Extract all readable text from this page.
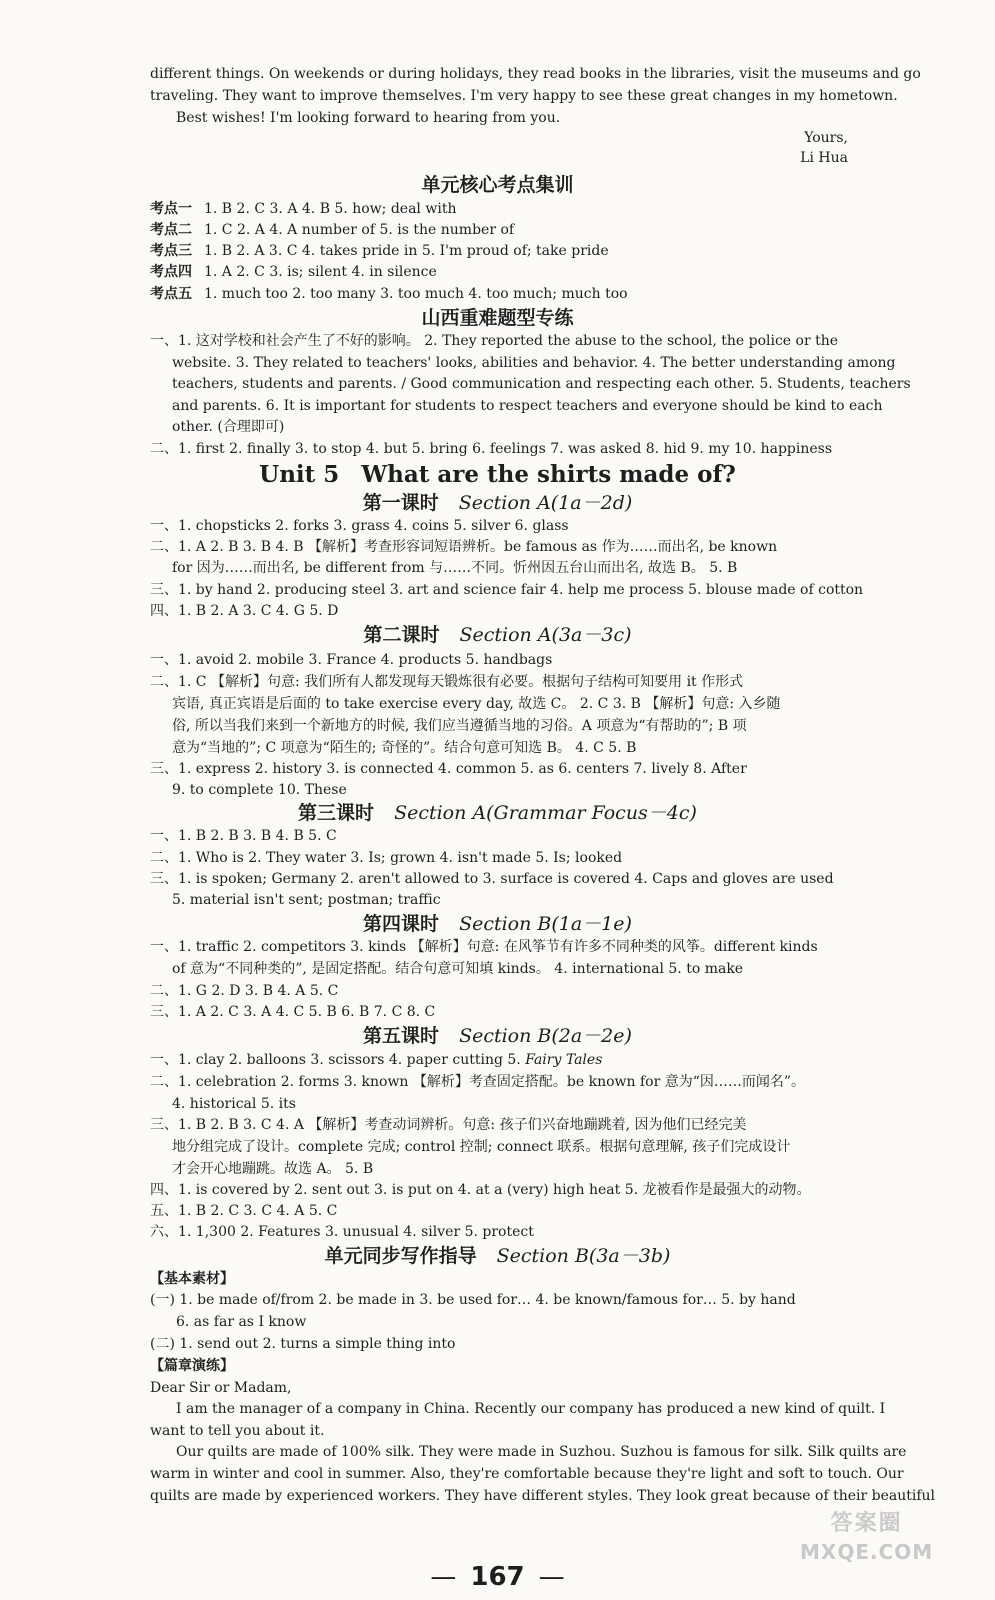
different things. On weekends or during holidays, they read books in the libraries, visit the museums and go
traveling. They want to improve themselves. I'm very happy to see these great changes in my hometown.
Best wishes! I'm looking forward to hearing from you.
Yours,
Li Hua
单元核心考点集训
考点一 1. B 2. C 3. A 4. B 5. how; deal with
考点二 1. C 2. A 4. A number of 5. is the number of
考点三 1. B 2. A 3. C 4. takes pride in 5. I'm proud of; take pride
考点四 1. A 2. C 3. is; silent 4. in silence
考点五 1. much too 2. too many 3. too much 4. too much; much too
山西重难题型专练
一、1. 这对学校和社会产生了不好的影响。 2. They reported the abuse to the school, the police or the
website. 3. They related to teachers' looks, abilities and behavior. 4. The better understanding among
teachers, students and parents. / Good communication and respecting each other. 5. Students, teachers
and parents. 6. It is important for students to respect teachers and everyone should be kind to each
other. (合理即可)
二、1. first 2. finally 3. to stop 4. but 5. bring 6. feelings 7. was asked 8. hid 9. my 10. happiness
Unit 5 What are the shirts made of?
第一课时 Section A(1a－2d)
一、1. chopsticks 2. forks 3. grass 4. coins 5. silver 6. glass
二、1. A 2. B 3. B 4. B 【解析】考查形容词短语辨析。be famous as 作为……而出名, be known
for 因为……而出名, be different from 与……不同。忻州因五台山而出名, 故选 B。 5. B
三、1. by hand 2. producing steel 3. art and science fair 4. help me process 5. blouse made of cotton
四、1. B 2. A 3. C 4. G 5. D
第二课时 Section A(3a－3c)
一、1. avoid 2. mobile 3. France 4. products 5. handbags
二、1. C 【解析】句意: 我们所有人都发现每天锻炼很有必要。根据句子结构可知要用 it 作形式
宾语, 真正宾语是后面的 to take exercise every day, 故选 C。 2. C 3. B 【解析】句意: 入乡随
俗, 所以当我们来到一个新地方的时候, 我们应当遵循当地的习俗。A 项意为“有帮助的”; B 项
意为“当地的”; C 项意为“陌生的; 奇怪的”。结合句意可知选 B。 4. C 5. B
三、1. express 2. history 3. is connected 4. common 5. as 6. centers 7. lively 8. After
9. to complete 10. These
第三课时 Section A(Grammar Focus－4c)
一、1. B 2. B 3. B 4. B 5. C
二、1. Who is 2. They water 3. Is; grown 4. isn't made 5. Is; looked
三、1. is spoken; Germany 2. aren't allowed to 3. surface is covered 4. Caps and gloves are used
5. material isn't sent; postman; traffic
第四课时 Section B(1a－1e)
一、1. traffic 2. competitors 3. kinds 【解析】句意: 在风筝节有许多不同种类的风筝。different kinds
of 意为“不同种类的”, 是固定搭配。结合句意可知填 kinds。 4. international 5. to make
二、1. G 2. D 3. B 4. A 5. C
三、1. A 2. C 3. A 4. C 5. B 6. B 7. C 8. C
第五课时 Section B(2a－2e)
一、1. clay 2. balloons 3. scissors 4. paper cutting 5. Fairy Tales
二、1. celebration 2. forms 3. known 【解析】考查固定搭配。be known for 意为“因……而闻名”。
4. historical 5. its
三、1. B 2. B 3. C 4. A 【解析】考查动词辨析。句意: 孩子们兴奋地蹦跳着, 因为他们已经完美
地分组完成了设计。complete 完成; control 控制; connect 联系。根据句意理解, 孩子们完成设计
才会开心地蹦跳。故选 A。 5. B
四、1. is covered by 2. sent out 3. is put on 4. at a (very) high heat 5. 龙被看作是最强大的动物。
五、1. B 2. C 3. C 4. A 5. C
六、1. 1,300 2. Features 3. unusual 4. silver 5. protect
单元同步写作指导 Section B(3a－3b)
【基本素材】
(一) 1. be made of/from 2. be made in 3. be used for… 4. be known/famous for… 5. by hand
6. as far as I know
(二) 1. send out 2. turns a simple thing into
【篇章演练】
Dear Sir or Madam,
I am the manager of a company in China. Recently our company has produced a new kind of quilt. I
want to tell you about it.
Our quilts are made of 100% silk. They were made in Suzhou. Suzhou is famous for silk. Silk quilts are
warm in winter and cool in summer. Also, they're comfortable because they're light and soft to touch. Our
quilts are made by experienced workers. They have different styles. They look great because of their beautiful
答案圈
MXQE.COM
— 167 —
